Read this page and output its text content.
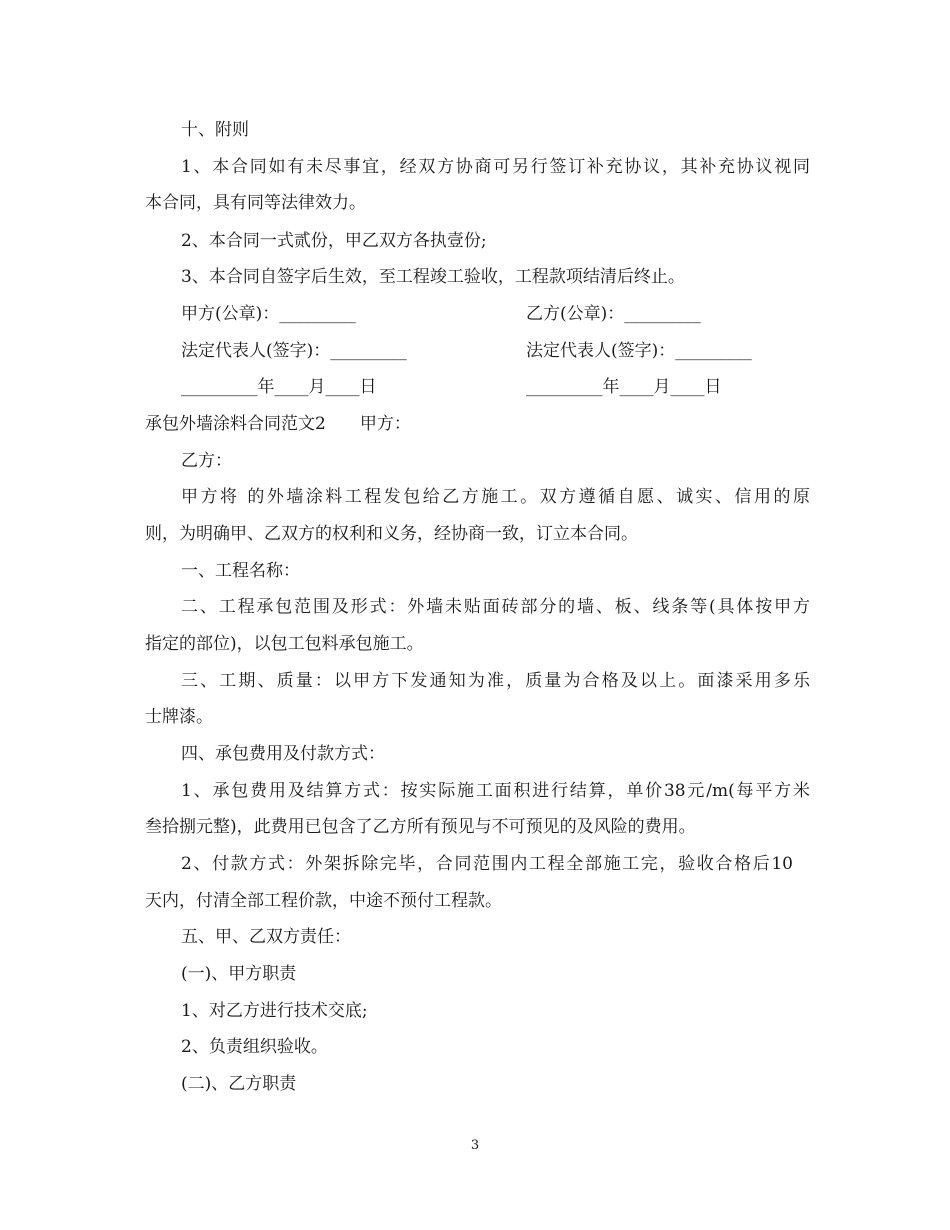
十、附则
1、本合同如有未尽事宜，经双方协商可另行签订补充协议，其补充协议视同
本合同，具有同等法律效力。
2、本合同一式贰份，甲乙双方各执壹份;
3、本合同自签字后生效，至工程竣工验收，工程款项结清后终止。
甲方(公章)：_________	乙方(公章)：_________
法定代表人(签字)：_________	法定代表人(签字)：_________
_________年____月____日	_________年____月____日
承包外墙涂料合同范文2　　甲方：
乙方：
甲方将 的外墙涂料工程发包给乙方施工。双方遵循自愿、诚实、信用的原
则，为明确甲、乙双方的权利和义务，经协商一致，订立本合同。
一、工程名称：
二、工程承包范围及形式：外墙未贴面砖部分的墙、板、线条等(具体按甲方
指定的部位)，以包工包料承包施工。
三、工期、质量：以甲方下发通知为准，质量为合格及以上。面漆采用多乐
士牌漆。
四、承包费用及付款方式：
1、承包费用及结算方式：按实际施工面积进行结算，单价38元/m(每平方米
叁拾捌元整)，此费用已包含了乙方所有预见与不可预见的及风险的费用。
2、付款方式：外架拆除完毕，合同范围内工程全部施工完，验收合格后10
天内，付清全部工程价款，中途不预付工程款。
五、甲、乙双方责任：
(一)、甲方职责
1、对乙方进行技术交底;
2、负责组织验收。
(二)、乙方职责
3
